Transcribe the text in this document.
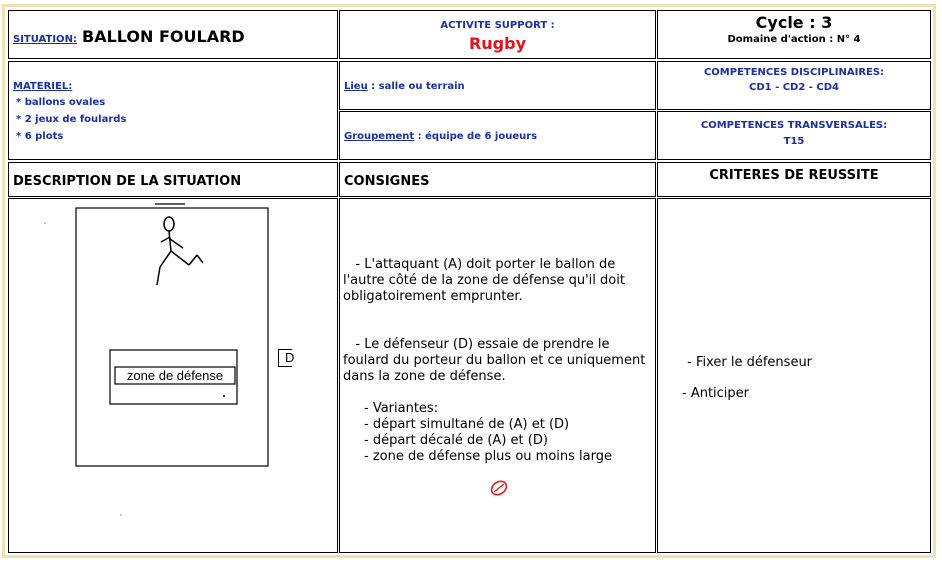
SITUATION: BALLON FOULARD
ACTIVITE SUPPORT :
Rugby
Cycle : 3
Domaine d'action : N° 4
MATERIEL:
* ballons ovales
* 2 jeux de foulards
* 6 plots
Lieu : salle ou terrain
Groupement : équipe de 6 joueurs
COMPETENCES DISCIPLINAIRES:
CD1 - CD2 - CD4
COMPETENCES TRANSVERSALES:
T15
DESCRIPTION DE LA SITUATION	CONSIGNES	CRITERES DE REUSSITE
zone de défense
D
- L'attaquant (A) doit porter le ballon de l'autre côté de la zone de défense qu'il doit obligatoirement emprunter.
- Le défenseur (D) essaie de prendre le foulard du porteur du ballon et ce uniquement dans la zone de défense.
- Variantes:
- départ simultané de (A) et (D)
- départ décalé de (A) et (D)
- zone de défense plus ou moins large
- Fixer le défenseur
- Anticiper
